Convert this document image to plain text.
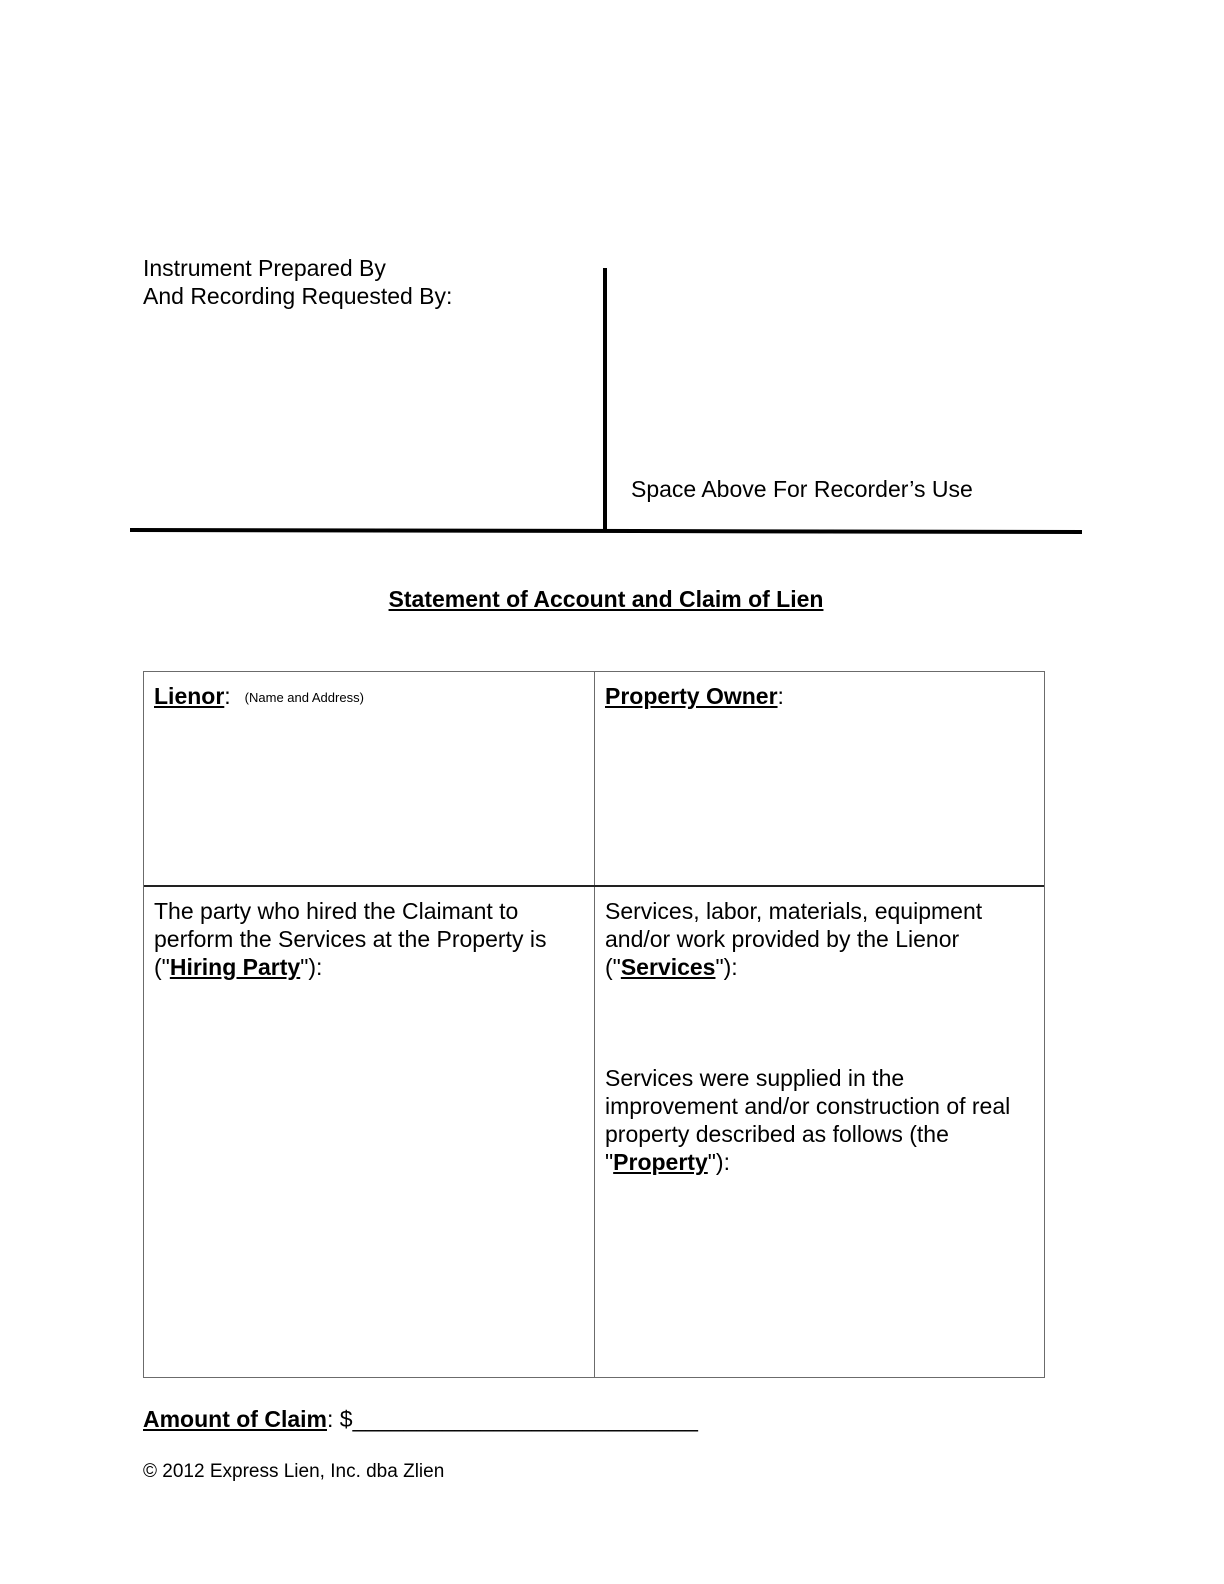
Instrument Prepared By
And Recording Requested By:
Space Above For Recorder’s Use
Statement of Account and Claim of Lien
Lienor: (Name and Address)	Property Owner:
The party who hired the Claimant to
perform the Services at the Property is
("Hiring Party"):
Services, labor, materials, equipment
and/or work provided by the Lienor
("Services"):
Services were supplied in the
improvement and/or construction of real
property described as follows (the
"Property"):
Amount of Claim: $___________________________
© 2012 Express Lien, Inc. dba Zlien
